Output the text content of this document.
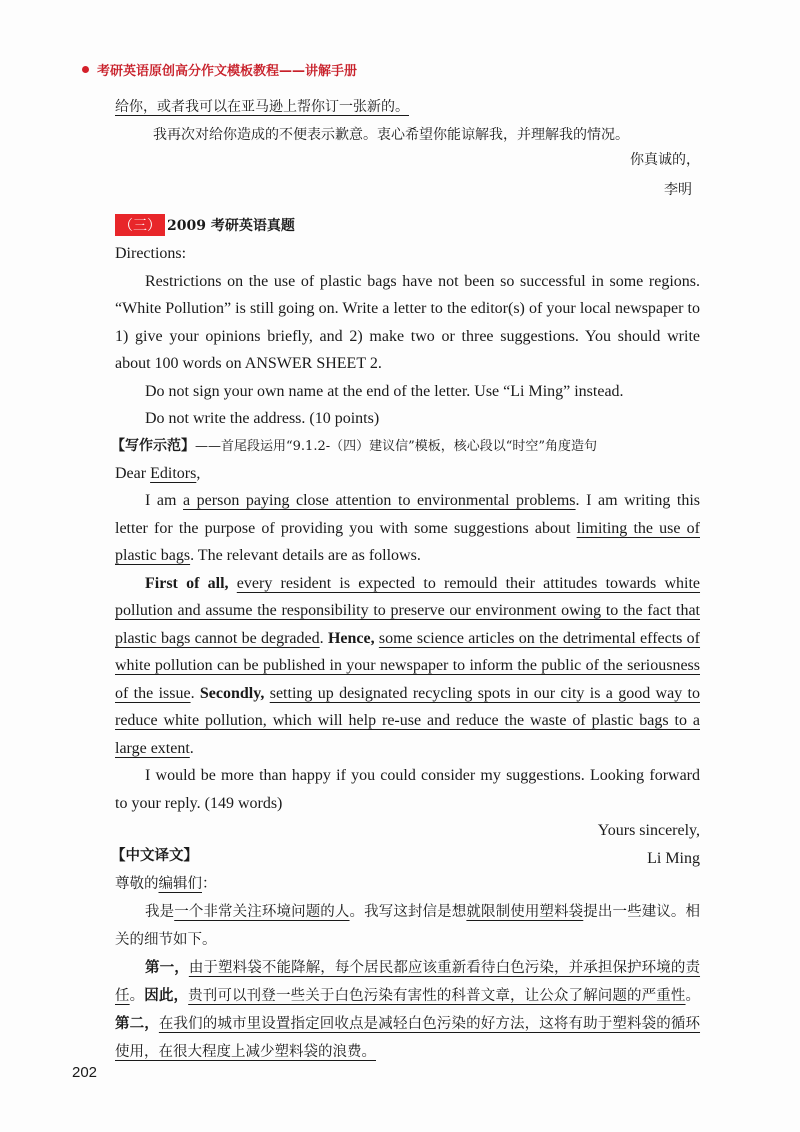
考研英语原创高分作文模板教程——讲解手册
给你，或者我可以在亚马逊上帮你订一张新的。
我再次对给你造成的不便表示歉意。衷心希望你能谅解我，并理解我的情况。
你真诚的，
李明
（三） 2009 考研英语真题
Directions:
Restrictions on the use of plastic bags have not been so successful in some regions. “White Pollution” is still going on. Write a letter to the editor(s) of your local newspaper to 1) give your opinions briefly, and 2) make two or three suggestions. You should write about 100 words on ANSWER SHEET 2.
Do not sign your own name at the end of the letter. Use “Li Ming” instead.
Do not write the address. (10 points)
【写作示范】——首尾段运用“9.1.2-（四）建议信”模板，核心段以“时空”角度造句
Dear Editors,
I am a person paying close attention to environmental problems. I am writing this letter for the purpose of providing you with some suggestions about limiting the use of plastic bags. The relevant details are as follows.
First of all, every resident is expected to remould their attitudes towards white pollution and assume the responsibility to preserve our environment owing to the fact that plastic bags cannot be degraded. Hence, some science articles on the detrimental effects of white pollution can be published in your newspaper to inform the public of the seriousness of the issue. Secondly, setting up designated recycling spots in our city is a good way to reduce white pollution, which will help re-use and reduce the waste of plastic bags to a large extent.
I would be more than happy if you could consider my suggestions. Looking forward to your reply. (149 words)
Yours sincerely,
Li Ming
【中文译文】
尊敬的编辑们：
我是一个非常关注环境问题的人。我写这封信是想就限制使用塑料袋提出一些建议。相关的细节如下。
第一，由于塑料袋不能降解，每个居民都应该重新看待白色污染，并承担保护环境的责任。因此，贵刊可以刊登一些关于白色污染有害性的科普文章，让公众了解问题的严重性。第二，在我们的城市里设置指定回收点是减轻白色污染的好方法，这将有助于塑料袋的循环使用，在很大程度上减少塑料袋的浪费。
202
